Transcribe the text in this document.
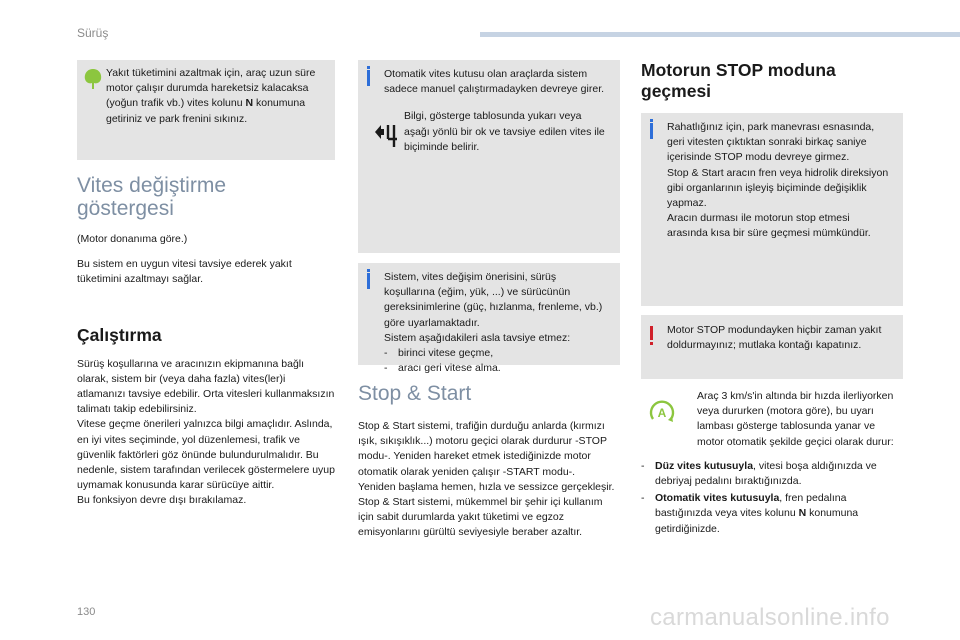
Sürüş

Yakıt tüketimini azaltmak için, araç uzun süre motor çalışır durumda hareketsiz kalacaksa (yoğun trafik vb.) vites kolunu N konumuna getiriniz ve park frenini sıkınız.

Vites değiştirme
göstergesi

(Motor donanıma göre.)

Bu sistem en uygun vitesi tavsiye ederek yakıt tüketimini azaltmayı sağlar.

Çalıştırma

Sürüş koşullarına ve aracınızın ekipmanına bağlı olarak, sistem bir (veya daha fazla) vites(ler)i atlamanızı tavsiye edebilir. Orta vitesleri kullanmaksızın talimatı takip edebilirsiniz.
Vitese geçme önerileri yalnızca bilgi amaçlıdır. Aslında, en iyi vites seçiminde, yol düzenlemesi, trafik ve güvenlik faktörleri göz önünde bulundurulmalıdır. Bu nedenle, sistem tarafından verilecek göstermelere uyup uymamak konusunda karar sürücüye aittir.
Bu fonksiyon devre dışı bırakılamaz.

Otomatik vites kutusu olan araçlarda sistem sadece manuel çalıştırmadayken devreye girer.

Bilgi, gösterge tablosunda yukarı veya aşağı yönlü bir ok ve tavsiye edilen vites ile biçiminde belirir.

Sistem, vites değişim önerisini, sürüş koşullarına (eğim, yük, ...) ve sürücünün gereksinimlerine (güç, hızlanma, frenleme, vb.) göre uyarlamaktadır.
Sistem aşağıdakileri asla tavsiye etmez:

- birinci vitese geçme,
- aracı geri vitese alma.
Stop & Start

Stop & Start sistemi, trafiğin durduğu anlarda (kırmızı ışık, sıkışıklık...) motoru geçici olarak durdurur -STOP modu-. Yeniden hareket etmek istediğinizde motor otomatik olarak yeniden çalışır -START modu-.
Yeniden başlama hemen, hızla ve sessizce gerçekleşir.
Stop & Start sistemi, mükemmel bir şehir içi kullanım için sabit durumlarda yakıt tüketimi ve egzoz emisyonlarını gürültü seviyesiyle beraber azaltır.

Motorun STOP moduna
geçmesi

Rahatlığınız için, park manevrası esnasında, geri vitesten çıktıktan sonraki birkaç saniye içerisinde STOP modu devreye girmez.
Stop & Start aracın fren veya hidrolik direksiyon gibi organlarının işleyiş biçiminde değişiklik yapmaz.
Aracın durması ile motorun stop etmesi arasında kısa bir süre geçmesi mümkündür.

Motor STOP modundayken hiçbir zaman yakıt doldurmayınız; mutlaka kontağı kapatınız.

A

Araç 3 km/s'in altında bir hızda ilerliyorken veya dururken (motora göre), bu uyarı lambası gösterge tablosunda yanar ve motor otomatik şekilde geçici olarak durur:

- Düz vites kutusuyla, vitesi boşa aldığınızda ve debriyaj pedalını bıraktığınızda.
- Otomatik vites kutusuyla, fren pedalına bastığınızda veya vites kolunu N konumuna getirdiğinizde.
130	carmanualsonline.info
